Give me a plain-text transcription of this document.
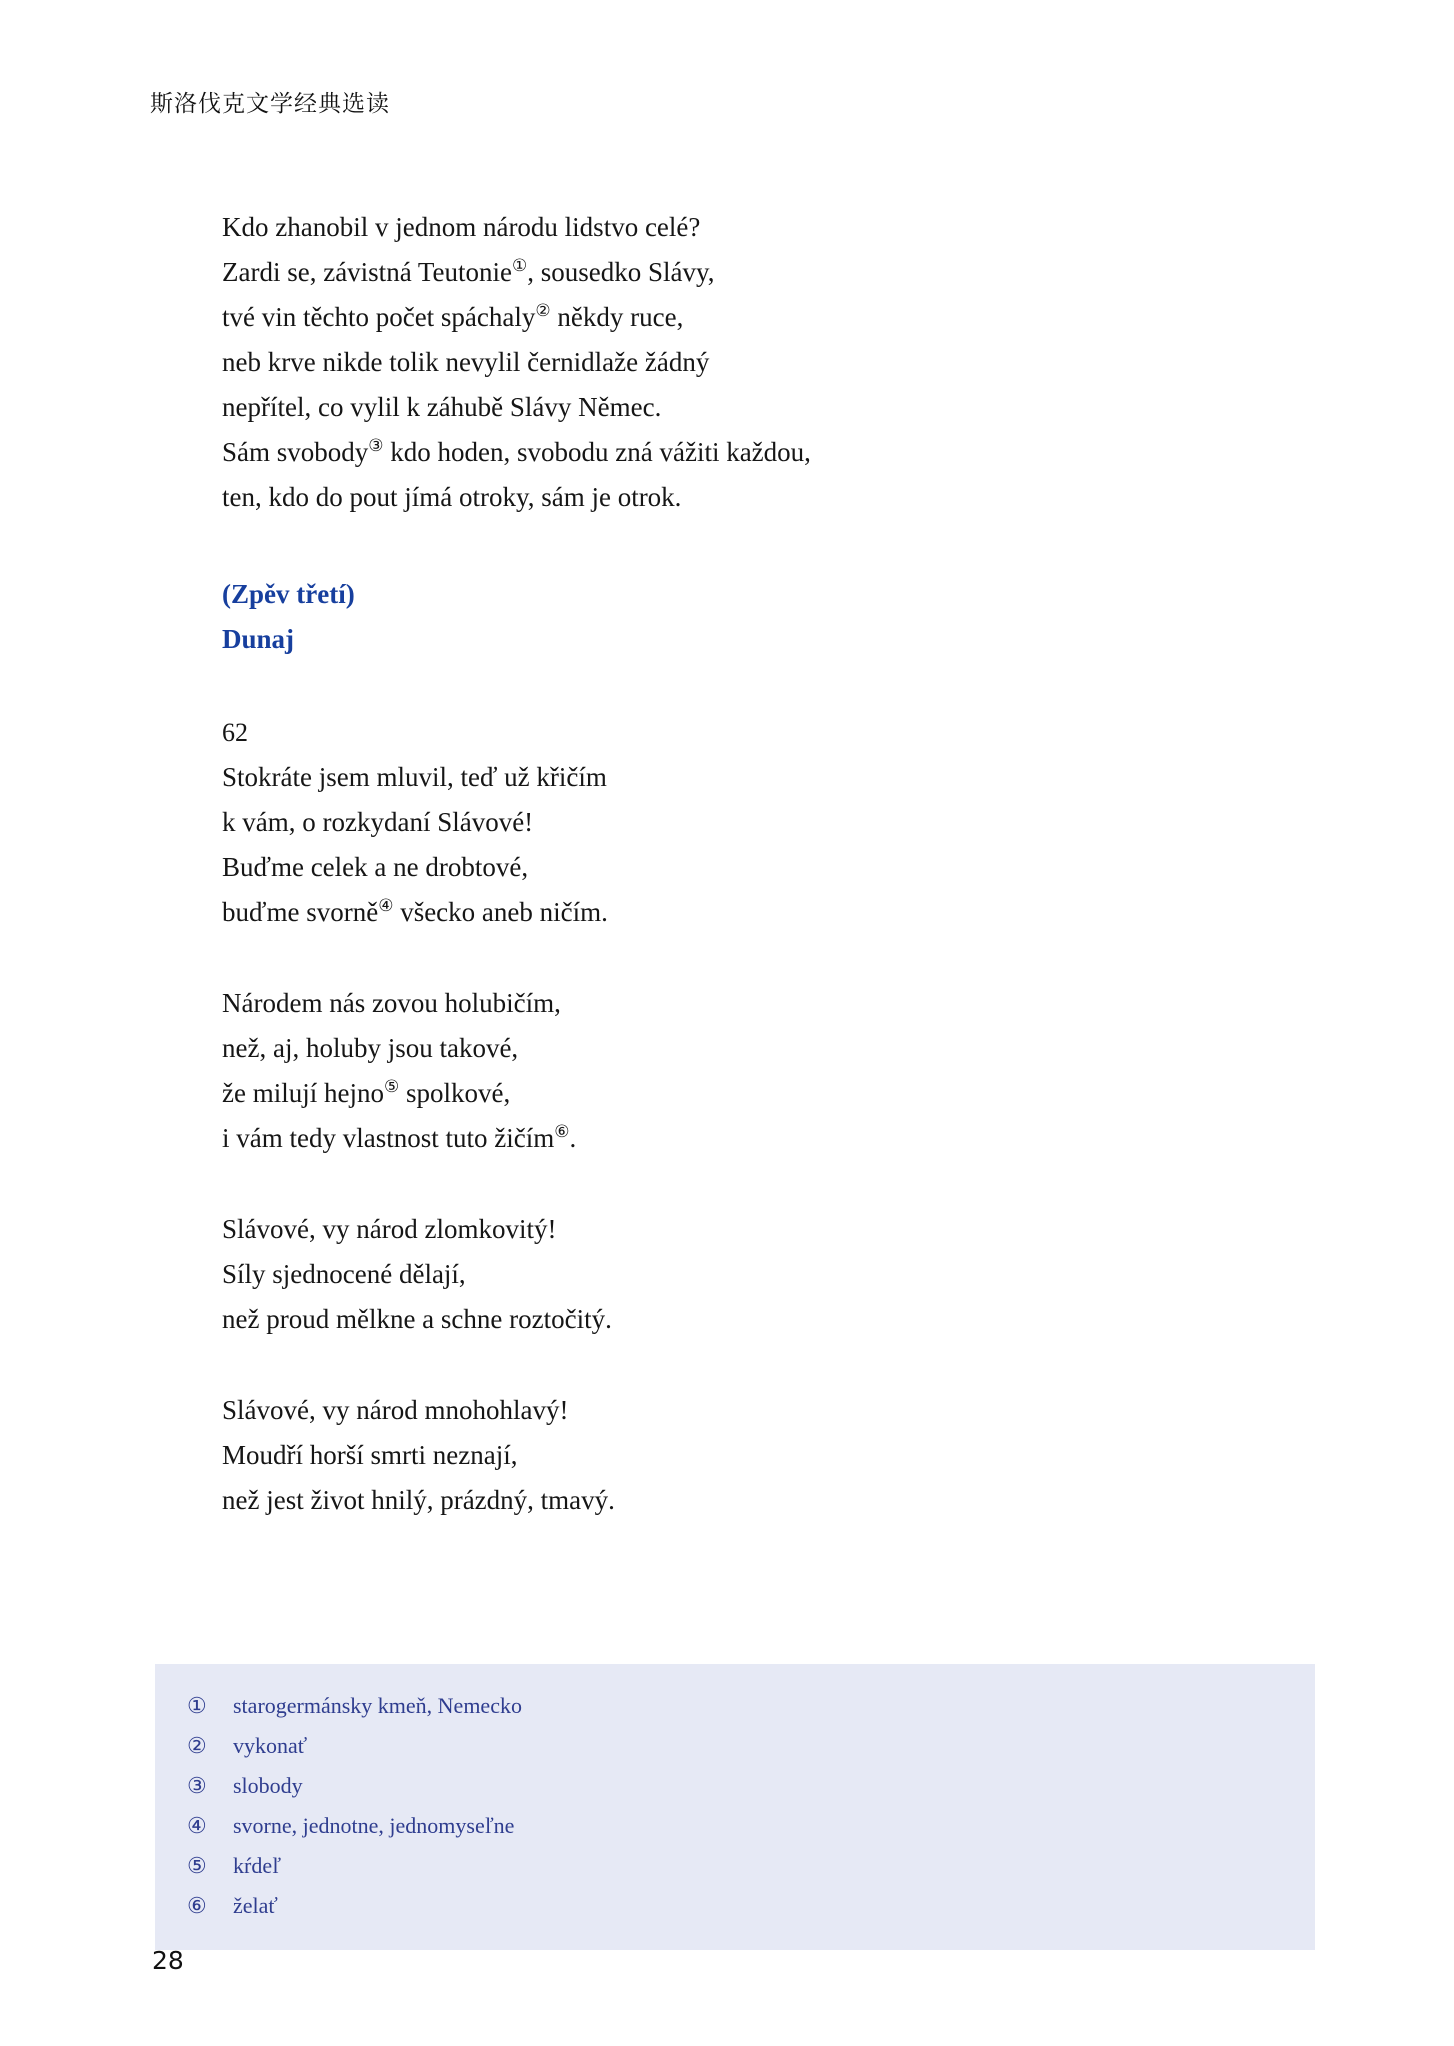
斯洛伐克文学经典选读
Kdo zhanobil v jednom národu lidstvo celé?
Zardi se, závistná Teutonie①, sousedko Slávy,
tvé vin těchto počet spáchaly② někdy ruce,
neb krve nikde tolik nevylil černidlaže žádný
nepřítel, co vylil k záhubě Slávy Němec.
Sám svobody③ kdo hoden, svobodu zná vážiti každou,
ten, kdo do pout jímá otroky, sám je otrok.
(Zpěv třetí)
Dunaj
62
Stokráte jsem mluvil, teď už křičím
k vám, o rozkydaní Slávové!
Buďme celek a ne drobtové,
buďme svorně④ všecko aneb ničím.
Národem nás zovou holubičím,
než, aj, holuby jsou takové,
že milují hejno⑤ spolkové,
i vám tedy vlastnost tuto žičím⑥.
Slávové, vy národ zlomkovitý!
Síly sjednocené dělají,
než proud mělkne a schne roztočitý.
Slávové, vy národ mnohohlavý!
Moudří horší smrti neznají,
než jest život hnilý, prázdný, tmavý.
① starogermánsky kmeň, Nemecko
② vykonať
③ slobody
④ svorne, jednotne, jednomyseľne
⑤ kŕdeľ
⑥ želať
28
